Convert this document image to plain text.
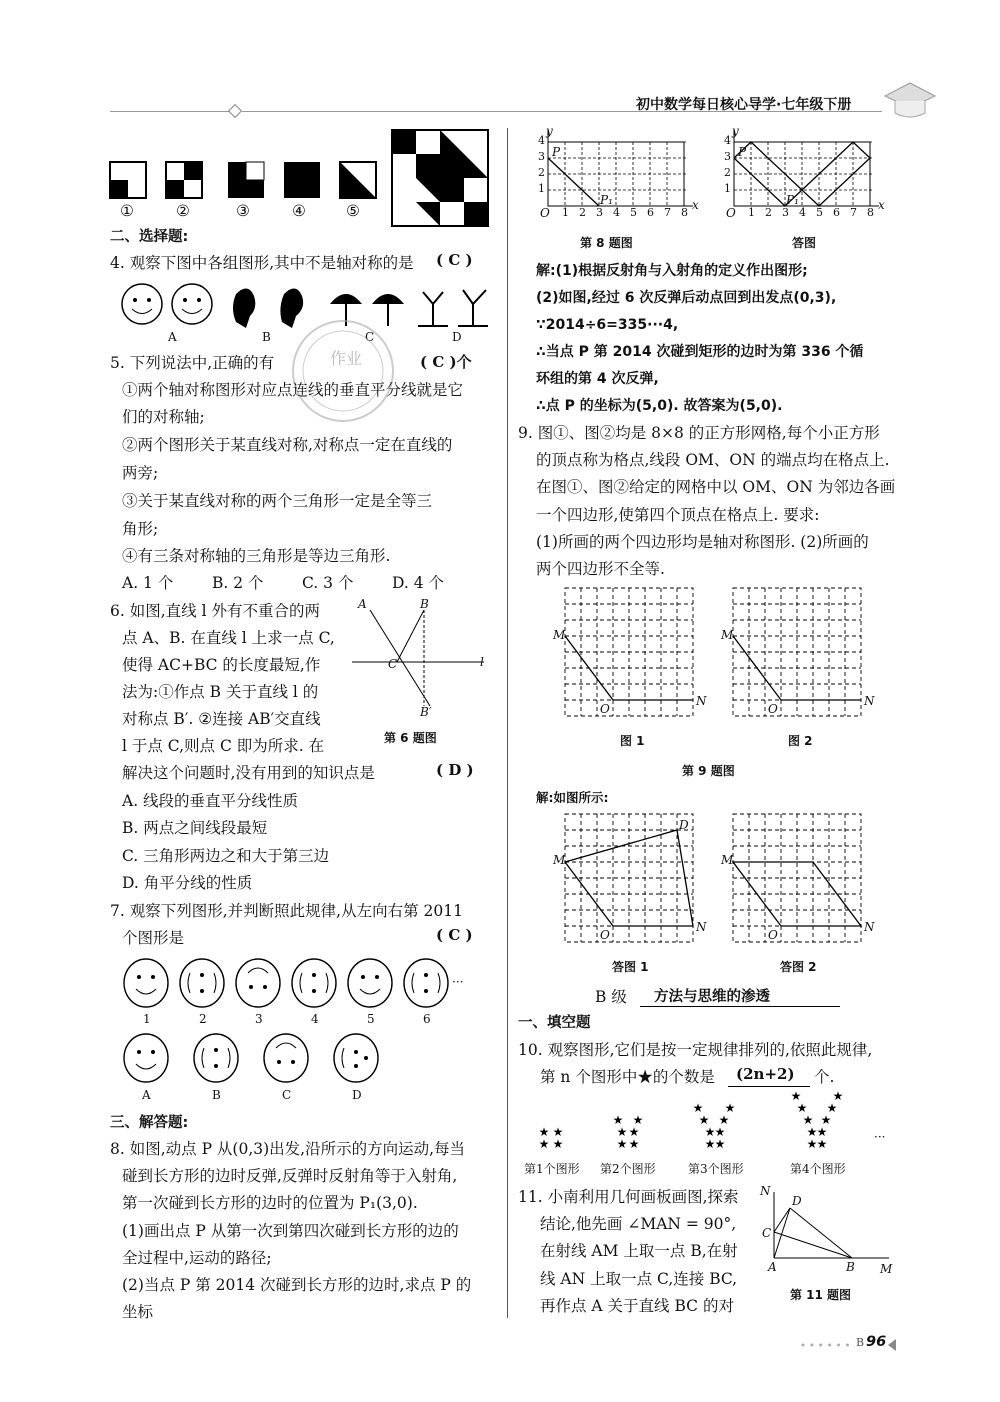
初中数学每日核心导学·七年级下册
①	②	③	④	⑤
二、选择题:
4. 观察下图中各组图形,其中不是轴对称的是 ( C )
A	B	C	D
作业
5. 下列说法中,正确的有	( C )个
①两个轴对称图形对应点连线的垂直平分线就是它
们的对称轴;
②两个图形关于某直线对称,对称点一定在直线的
两旁;
③关于某直线对称的两个三角形一定是全等三
角形;
④有三条对称轴的三角形是等边三角形.
A. 1 个 B. 2 个 C. 3 个 D. 4 个
6. 如图,直线 l 外有不重合的两
点 A、B. 在直线 l 上求一点 C,
使得 AC+BC 的长度最短,作
法为:①作点 B 关于直线 l 的
对称点 B′. ②连接 AB′交直线
l 于点 C,则点 C 即为所求. 在
解决这个问题时,没有用到的知识点是	( D )
A	B
C
B′
l
第 6 题图
A. 线段的垂直平分线性质
B. 两点之间线段最短
C. 三角形两边之和大于第三边
D. 角平分线的性质
7. 观察下列图形,并判断照此规律,从左向右第 2011
个图形是	( C )
···
1	2	3	4	5	6
A	B	C	D
三、解答题:
8. 如图,动点 P 从(0,3)出发,沿所示的方向运动,每当
碰到长方形的边时反弹,反弹时反射角等于入射角,
第一次碰到长方形的边时的位置为 P₁(3,0).
(1)画出点 P 从第一次到第四次碰到长方形的边的
全过程中,运动的路径;
(2)当点 P 第 2014 次碰到长方形的边时,求点 P 的
坐标
y
x
O
P
P₁
y
x
O
P
P₁
第 8 题图	答图
解:(1)根据反射角与入射角的定义作出图形;
(2)如图,经过 6 次反弹后动点回到出发点(0,3),
∵2014÷6=335···4,
∴当点 P 第 2014 次碰到矩形的边时为第 336 个循
环组的第 4 次反弹,
∴点 P 的坐标为(5,0). 故答案为(5,0).
9. 图①、图②均是 8×8 的正方形网格,每个小正方形
的顶点称为格点,线段 OM、ON 的端点均在格点上.
在图①、图②给定的网格中以 OM、ON 为邻边各画
一个四边形,使第四个顶点在格点上. 要求:
(1)所画的两个四边形均是轴对称图形. (2)所画的
两个四边形不全等.
M
O
N
M
O
N
图 1	图 2
第 9 题图
解:如图所示:
M
D
O
N
M
O
N
答图 1	答图 2
B 级 方法与思维的渗透
一、填空题
10. 观察图形,它们是按一定规律排列的,依照此规律,
第 n 个图形中★的个数是 (2n+2) 个.
★ ★
★ ★
★ ★
★ ★
★ ★
★ ★
★ ★
★ ★
★ ★
★	★
★ ★
★ ★
★ ★
★ ★	···
第1个图形 第2个图形	第3个图形	第4个图形
11. 小南利用几何画板画图,探索
结论,他先画 ∠MAN = 90°,
在射线 AM 上取一点 B,在射
线 AN 上取一点 C,连接 BC,
再作点 A 关于直线 BC 的对
N
D
C
A	B M
第 11 题图
•••••• B 96
1 2 3 4 5 6 7 8
1
2
3
4
1 2 3 4 5 6 7 8
1
2
3
4
